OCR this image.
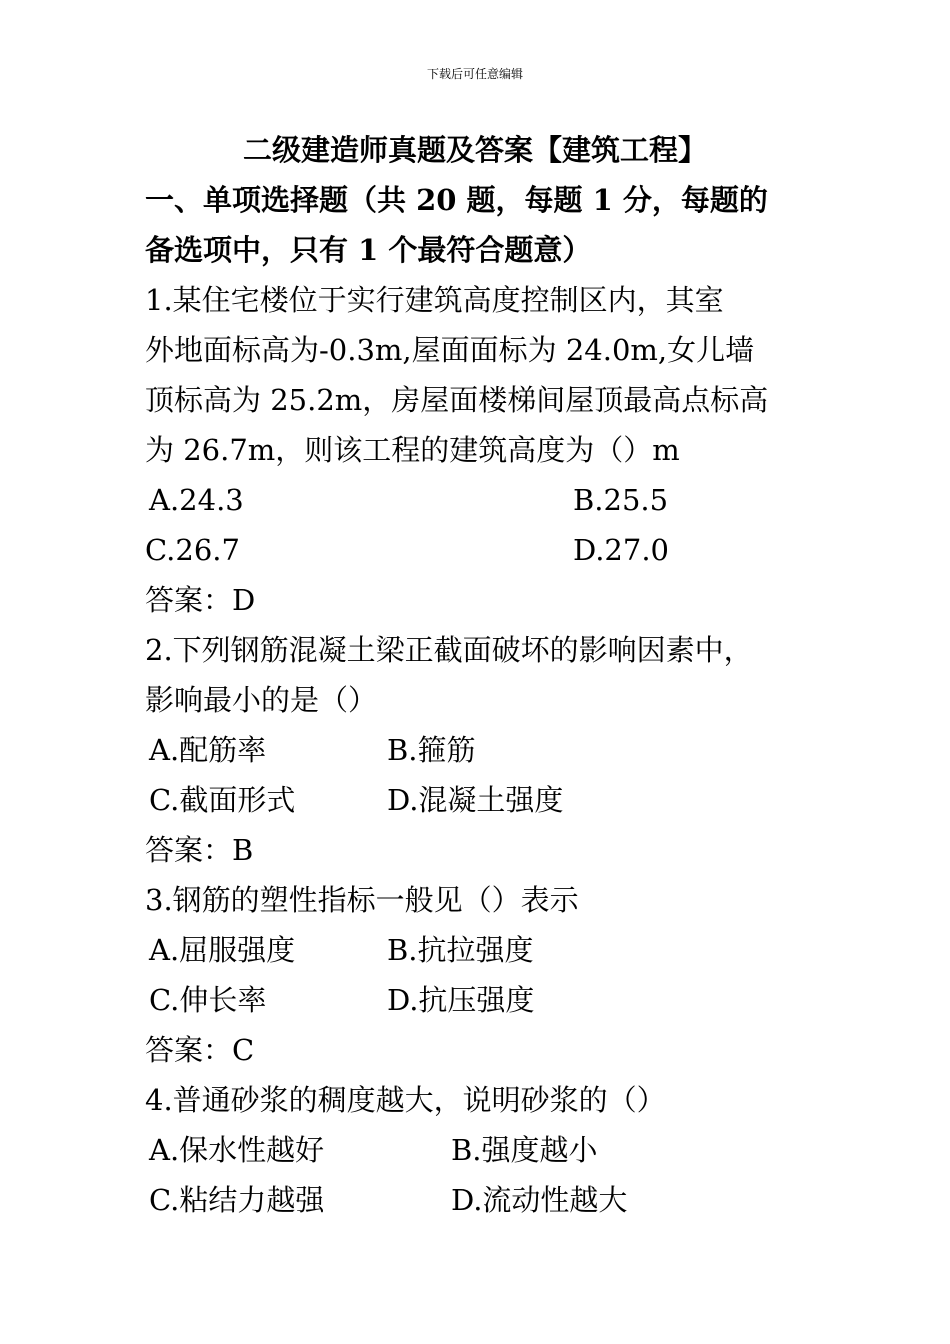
下载后可任意编辑
二级建造师真题及答案【建筑工程】
一、单项选择题（共 20 题，每题 1 分，每题的
备选项中，只有 1 个最符合题意）
1.某住宅楼位于实行建筑高度控制区内，其室
外地面标高为-0.3m,屋面面标为 24.0m,女儿墙
顶标高为 25.2m，房屋面楼梯间屋顶最高点标高
为 26.7m，则该工程的建筑高度为（）m
A.24.3	B.25.5
C.26.7	D.27.0
答案：D
2.下列钢筋混凝土梁正截面破坏的影响因素中，
影响最小的是（）
A.配筋率	B.箍筋
C.截面形式	D.混凝土强度
答案：B
3.钢筋的塑性指标一般见（）表示
A.屈服强度	B.抗拉强度
C.伸长率	D.抗压强度
答案：C
4.普通砂浆的稠度越大，说明砂浆的（）
A.保水性越好	B.强度越小
C.粘结力越强	D.流动性越大
